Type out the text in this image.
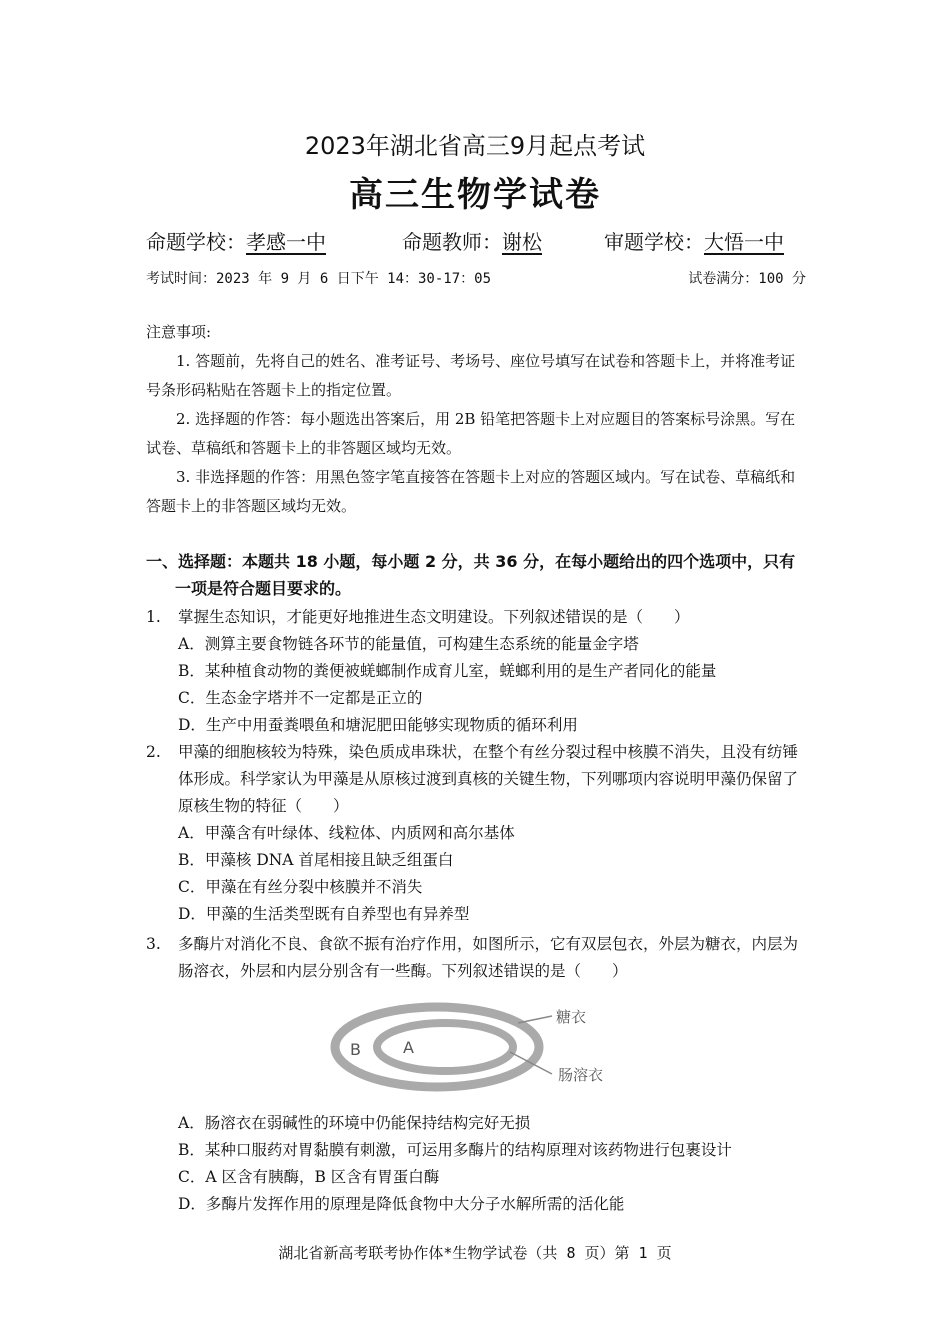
2023年湖北省高三9月起点考试
高三生物学试卷
命题学校：孝感一中	命题教师：谢松	审题学校：大悟一中
考试时间：2023 年 9 月 6 日下午 14：30-17：05	试卷满分：100 分

注意事项:

1. 答题前，先将自己的姓名、准考证号、考场号、座位号填写在试卷和答题卡上，并将准考证号条形码粘贴在答题卡上的指定位置。

2. 选择题的作答：每小题选出答案后，用 2B 铅笔把答题卡上对应题目的答案标号涂黑。写在试卷、草稿纸和答题卡上的非答题区域均无效。

3. 非选择题的作答：用黑色签字笔直接答在答题卡上对应的答题区域内。写在试卷、草稿纸和答题卡上的非答题区域均无效。

一、选择题：本题共 18 小题，每小题 2 分，共 36 分，在每小题给出的四个选项中，只有一项是符合题目要求的。
1. 掌握生态知识，才能更好地推进生态文明建设。下列叙述错误的是（　　）
A．测算主要食物链各环节的能量值，可构建生态系统的能量金字塔
B．某种植食动物的粪便被蜣螂制作成育儿室，蜣螂利用的是生产者同化的能量
C．生态金字塔并不一定都是正立的
D．生产中用蚕粪喂鱼和塘泥肥田能够实现物质的循环利用
2. 甲藻的细胞核较为特殊，染色质成串珠状，在整个有丝分裂过程中核膜不消失，且没有纺锤体形成。科学家认为甲藻是从原核过渡到真核的关键生物，下列哪项内容说明甲藻仍保留了原核生物的特征（　　）
A．甲藻含有叶绿体、线粒体、内质网和高尔基体
B．甲藻核 DNA 首尾相接且缺乏组蛋白
C．甲藻在有丝分裂中核膜并不消失
D．甲藻的生活类型既有自养型也有异养型
3. 多酶片对消化不良、食欲不振有治疗作用，如图所示，它有双层包衣，外层为糖衣，内层为肠溶衣，外层和内层分别含有一些酶。下列叙述错误的是（　　）
B	A
糖衣
肠溶衣
A．肠溶衣在弱碱性的环境中仍能保持结构完好无损
B．某种口服药对胃黏膜有刺激，可运用多酶片的结构原理对该药物进行包裹设计
C．A 区含有胰酶，B 区含有胃蛋白酶
D．多酶片发挥作用的原理是降低食物中大分子水解所需的活化能
湖北省新高考联考协作体*生物学试卷（共 8 页）第 1 页
